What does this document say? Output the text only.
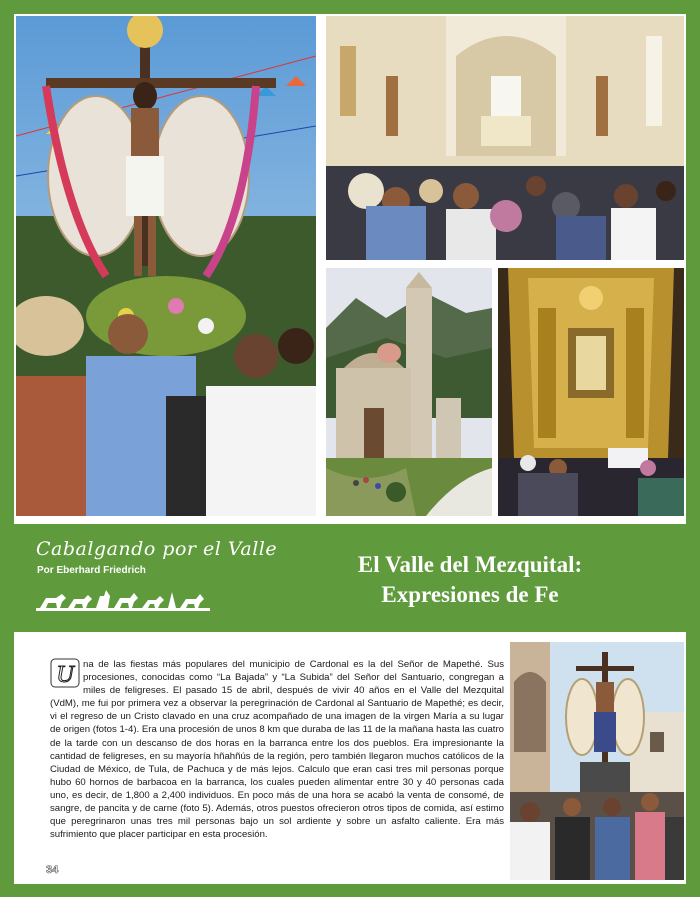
Cabalgando por el Valle
Por Eberhard Friedrich	El Valle del Mezquital:
Expresiones de Fe
U na de las fiestas más populares del municipio de Cardonal es la del Señor de Mapethé. Sus procesiones, conocidas como “La Bajada” y “La Subida” del Señor del Santuario, congregan a miles de feligreses. El pasado 15 de abril, después de vivir 40 años en el Valle del Mezquital (VdM), me fui por primera vez a observar la peregrinación de Cardonal al Santuario de Mapethé; es decir, vi el regreso de un Cristo clavado en una cruz acompañado de una imagen de la virgen María a su lugar de origen (fotos 1-4). Era una procesión de unos 8 km que duraba de las 11 de la mañana hasta las cuatro de la tarde con un descanso de dos horas en la barranca entre los dos pueblos. Era impresionante la cantidad de feligreses, en su mayoría hñahñús de la región, pero también llegaron muchos católicos de la Ciudad de México, de Tula, de Pachuca y de más lejos. Calculo que eran casi tres mil personas porque hubo 60 hornos de barbacoa en la barranca, los cuales pueden alimentar entre 30 y 40 personas cada uno, es decir, de 1,800 a 2,400 individuos. En poco más de una hora se acabó la venta de consomé, de sangre, de pancita y de carne (foto 5). Además, otros puestos ofrecieron otros tipos de comida, así estimo que peregrinaron unas tres mil personas bajo un sol ardiente y sobre un asfalto caliente. Era más sufrimiento que placer participar en esta procesión.
34
